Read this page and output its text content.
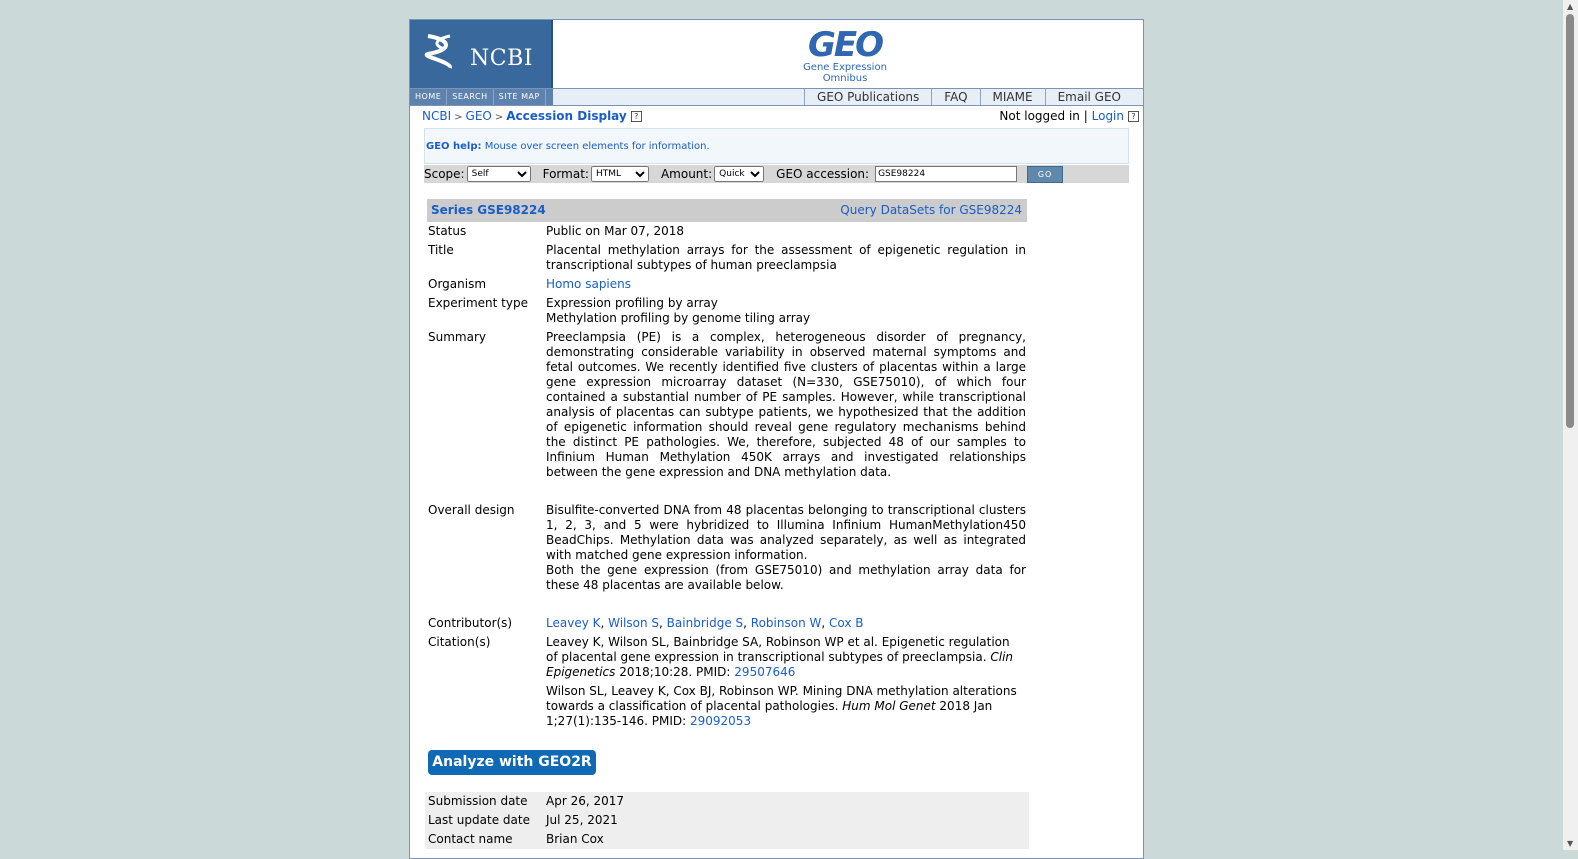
NCBI	GEO
Gene Expression Omnibus
HOME	SEARCH	SITE MAP	GEO Publications	FAQ	MIAME	Email GEO
NCBI > GEO > Accession Display ?	Not logged in | Login ?
GEO help: Mouse over screen elements for information.
Scope:
Self	Format:
HTML	Amount:
Quick	GEO accession:
GSE98224	GO
Series GSE98224	Query DataSets for GSE98224
Status	Public on Mar 07, 2018

Title	Placental methylation arrays for the assessment of epigenetic regulation in transcriptional subtypes of human preeclampsia

Organism	Homo sapiens

Experiment type	Expression profiling by array
Methylation profiling by genome tiling array

Summary	Preeclampsia (PE) is a complex, heterogeneous disorder of pregnancy, demonstrating considerable variability in observed maternal symptoms and fetal outcomes. We recently identified five clusters of placentas within a large gene expression microarray dataset (N=330, GSE75010), of which four contained a substantial number of PE samples. However, while transcriptional analysis of placentas can subtype patients, we hypothesized that the addition of epigenetic information should reveal gene regulatory mechanisms behind the distinct PE pathologies. We, therefore, subjected 48 of our samples to Infinium Human Methylation 450K arrays and investigated relationships between the gene expression and DNA methylation data.

Overall design	Bisulfite-converted DNA from 48 placentas belonging to transcriptional clusters 1, 2, 3, and 5 were hybridized to Illumina Infinium HumanMethylation450 BeadChips. Methylation data was analyzed separately, as well as integrated with matched gene expression information.
Both the gene expression (from GSE75010) and methylation array data for these 48 placentas are available below.

Contributor(s)	Leavey K, Wilson S, Bainbridge S, Robinson W, Cox B

Citation(s)	Leavey K, Wilson SL, Bainbridge SA, Robinson WP et al. Epigenetic regulation of placental gene expression in transcriptional subtypes of preeclampsia. Clin Epigenetics 2018;10:28. PMID: 29507646
Wilson SL, Leavey K, Cox BJ, Robinson WP. Mining DNA methylation alterations towards a classification of placental pathologies. Hum Mol Genet 2018 Jan 1;27(1):135-146. PMID: 29092053
Analyze with GEO2R
Submission date	Apr 26, 2017
Last update date	Jul 25, 2021
Contact name	Brian Cox
▲
▼
